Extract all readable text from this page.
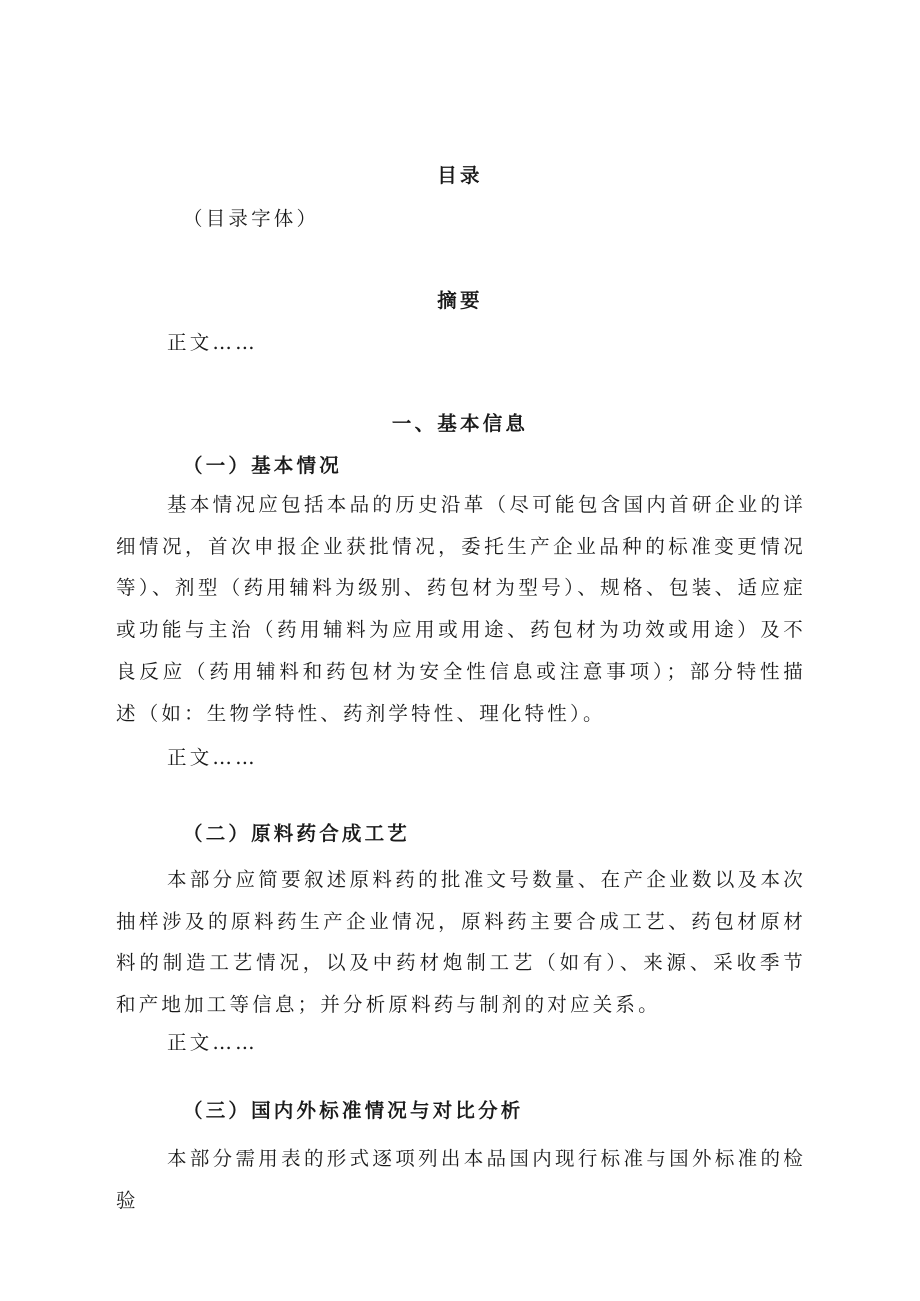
目录

（目录字体）

摘要

正文……

一、基本信息
（一）基本情况

基本情况应包括本品的历史沿革（尽可能包含国内首研企业的详细情况，首次申报企业获批情况，委托生产企业品种的标准变更情况等）、剂型（药用辅料为级别、药包材为型号）、规格、包装、适应症或功能与主治（药用辅料为应用或用途、药包材为功效或用途）及不良反应（药用辅料和药包材为安全性信息或注意事项）；部分特性描述（如：生物学特性、药剂学特性、理化特性）。

正文……

（二）原料药合成工艺

本部分应简要叙述原料药的批准文号数量、在产企业数以及本次抽样涉及的原料药生产企业情况，原料药主要合成工艺、药包材原材料的制造工艺情况，以及中药材炮制工艺（如有）、来源、采收季节和产地加工等信息；并分析原料药与制剂的对应关系。

正文……

（三）国内外标准情况与对比分析

本部分需用表的形式逐项列出本品国内现行标准与国外标准的检验
